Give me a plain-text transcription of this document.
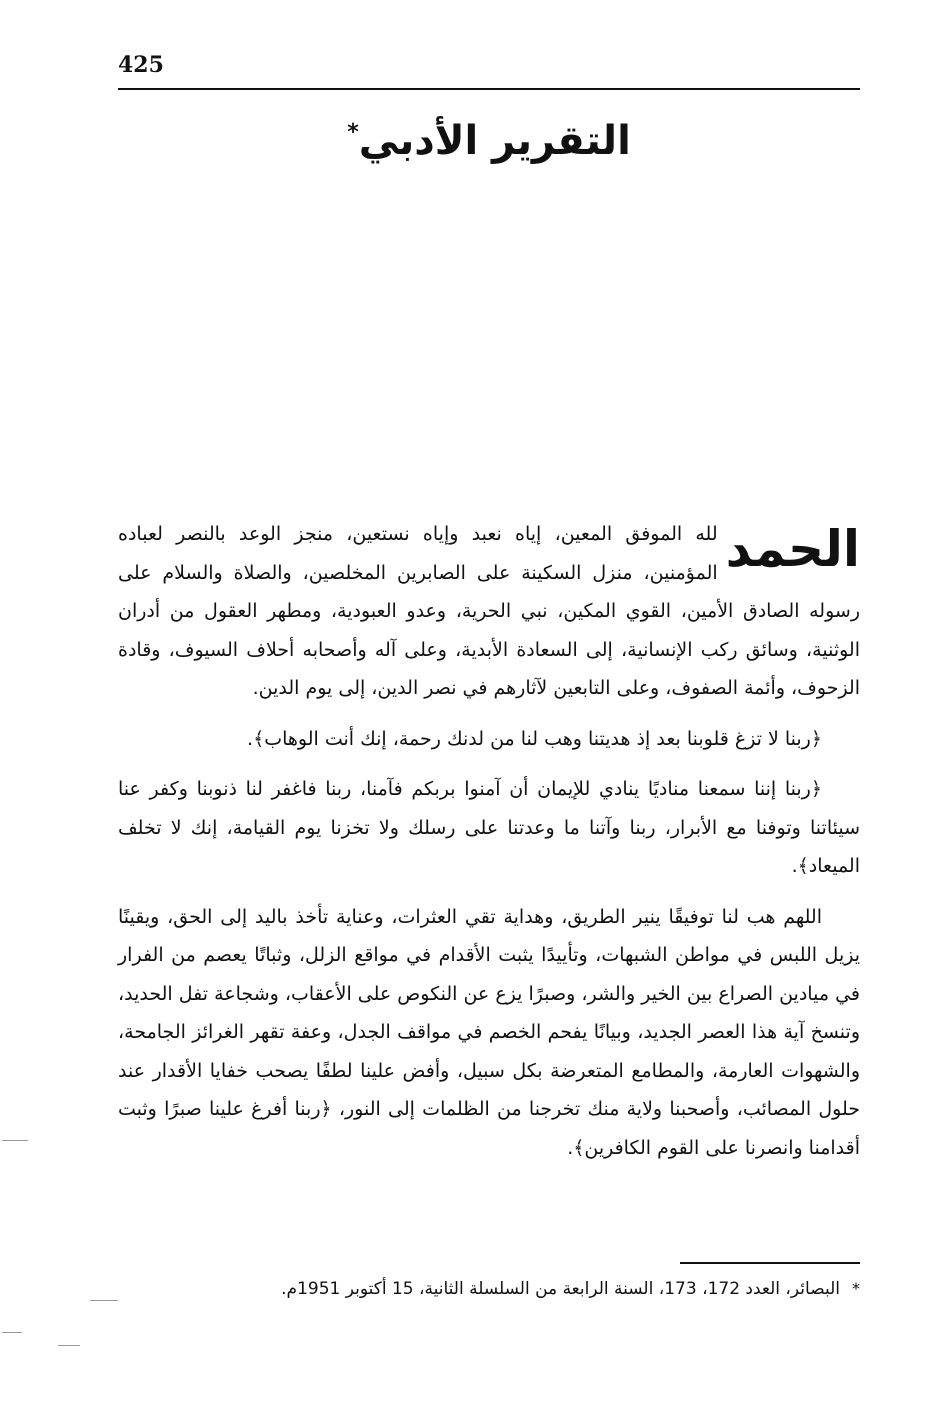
425
التقرير الأدبي*

الحمد
لله الموفق المعين، إياه نعبد وإياه نستعين، منجز الوعد بالنصر لعباده المؤمنين، منزل السكينة على الصابرين المخلصين، والصلاة والسلام على رسوله الصادق الأمين، القوي المكين، نبي الحرية، وعدو العبودية، ومطهر العقول من أدران الوثنية، وسائق ركب الإنسانية، إلى السعادة الأبدية، وعلى آله وأصحابه أحلاف السيوف، وقادة الزحوف، وأئمة الصفوف، وعلى التابعين لآثارهم في نصر الدين، إلى يوم الدين.

﴿ربنا لا تزغ قلوبنا بعد إذ هديتنا وهب لنا من لدنك رحمة، إنك أنت الوهاب﴾.

﴿ربنا إننا سمعنا مناديًا ينادي للإيمان أن آمنوا بربكم فآمنا، ربنا فاغفر لنا ذنوبنا وكفر عنا سيئاتنا وتوفنا مع الأبرار، ربنا وآتنا ما وعدتنا على رسلك ولا تخزنا يوم القيامة، إنك لا تخلف الميعاد﴾.

اللهم هب لنا توفيقًا ينير الطريق، وهداية تقي العثرات، وعناية تأخذ باليد إلى الحق، ويقينًا يزيل اللبس في مواطن الشبهات، وتأييدًا يثبت الأقدام في مواقع الزلل، وثباتًا يعصم من الفرار في ميادين الصراع بين الخير والشر، وصبرًا يزع عن النكوص على الأعقاب، وشجاعة تفل الحديد، وتنسخ آية هذا العصر الجديد، وبيانًا يفحم الخصم في مواقف الجدل، وعفة تقهر الغرائز الجامحة، والشهوات العارمة، والمطامع المتعرضة بكل سبيل، وأفض علينا لطفًا يصحب خفايا الأقدار عند حلول المصائب، وأصحبنا ولاية منك تخرجنا من الظلمات إلى النور، ﴿ربنا أفرغ علينا صبرًا وثبت أقدامنا وانصرنا على القوم الكافرين﴾.

*البصائر، العدد 172، 173، السنة الرابعة من السلسلة الثانية، 15 أكتوبر 1951م.
